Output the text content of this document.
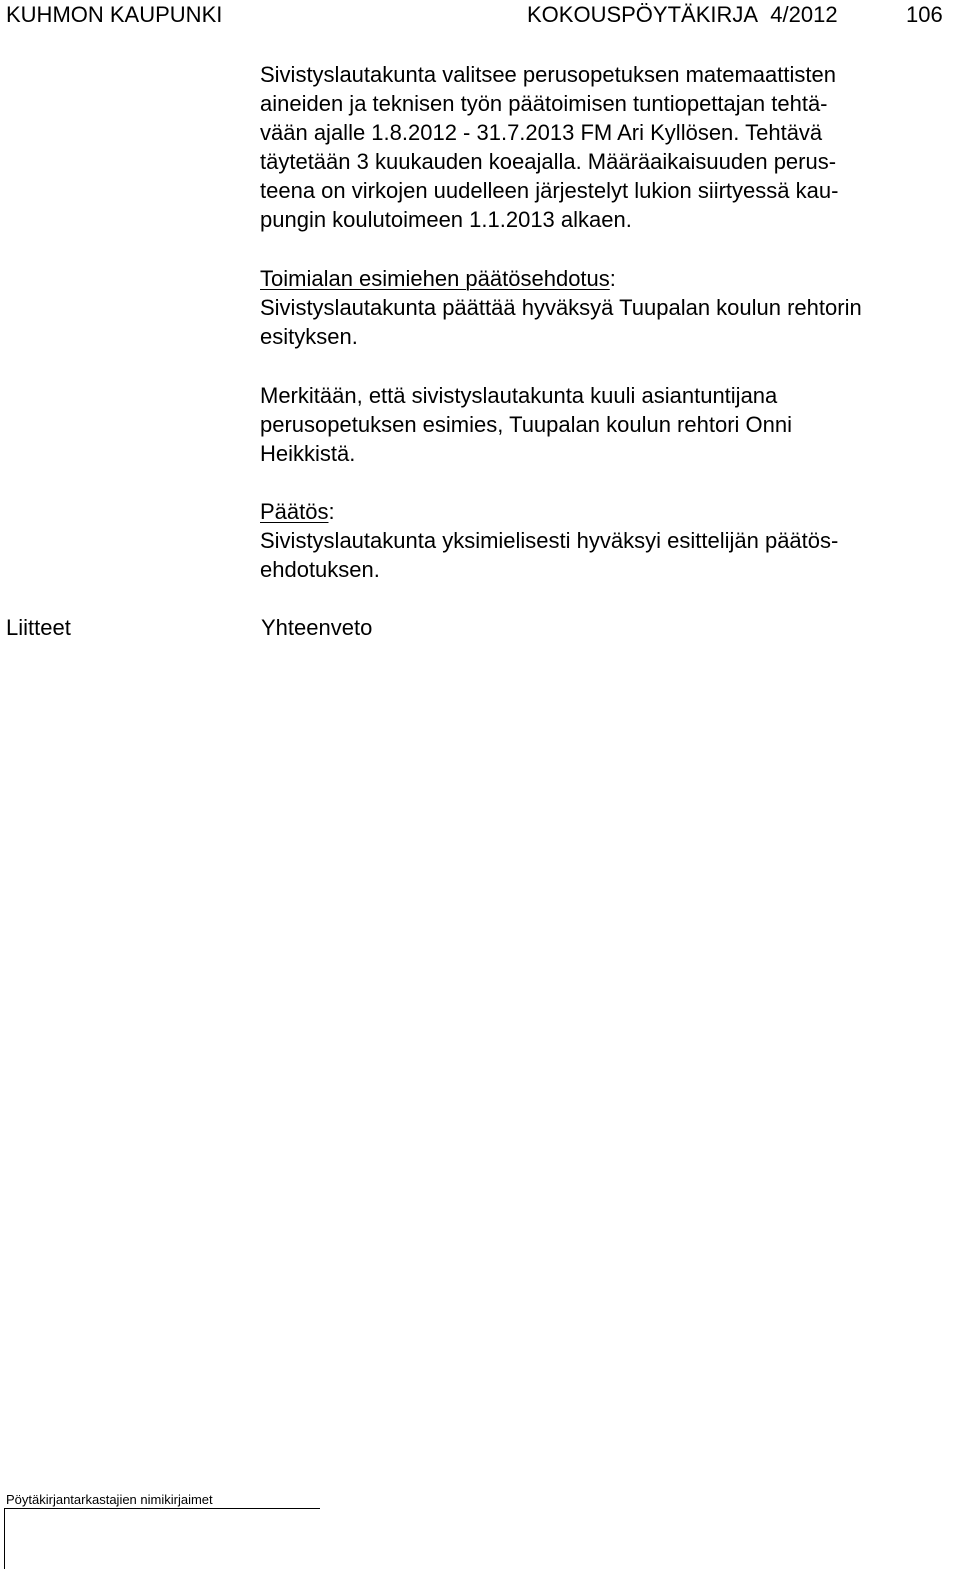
KUHMON KAUPUNKI	KOKOUSPÖYTÄKIRJA 4/2012	106
Sivistyslautakunta valitsee perusopetuksen matemaattisten
aineiden ja teknisen työn päätoimisen tuntiopettajan tehtä-
vään ajalle 1.8.2012 - 31.7.2013 FM Ari Kyllösen. Tehtävä
täytetään 3 kuukauden koeajalla. Määräaikaisuuden perus-
teena on virkojen uudelleen järjestelyt lukion siirtyessä kau-
pungin koulutoimeen 1.1.2013 alkaen.
Toimialan esimiehen päätösehdotus:
Sivistyslautakunta päättää hyväksyä Tuupalan koulun rehtorin
esityksen.
Merkitään, että sivistyslautakunta kuuli asiantuntijana
perusopetuksen esimies, Tuupalan koulun rehtori Onni
Heikkistä.
Päätös:
Sivistyslautakunta yksimielisesti hyväksyi esittelijän päätös-
ehdotuksen.
Liitteet	Yhteenveto
Pöytäkirjantarkastajien nimikirjaimet
